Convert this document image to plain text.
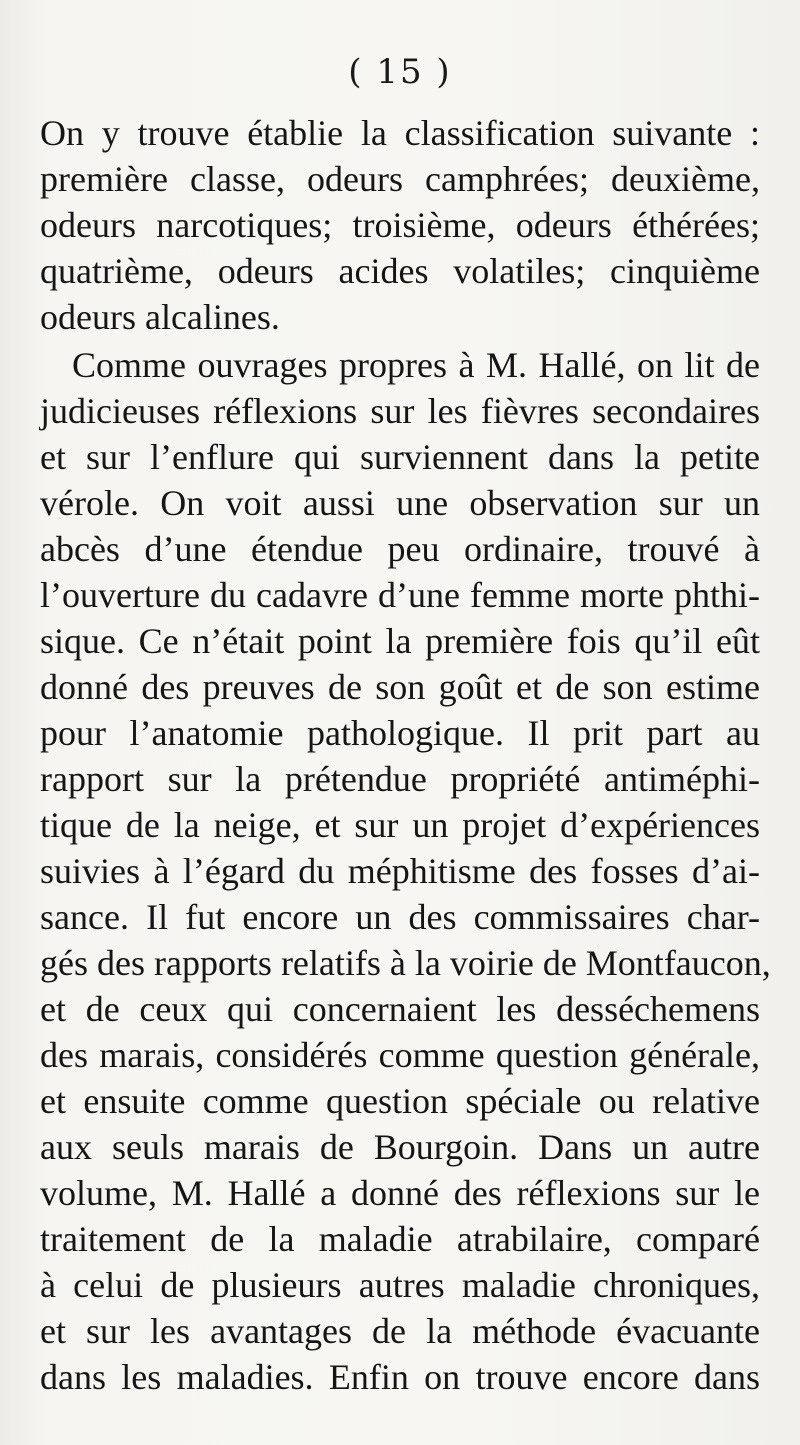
( 15 )
On y trouve établie la classification suivante :
première classe, odeurs camphrées; deuxième,
odeurs narcotiques; troisième, odeurs éthérées;
quatrième, odeurs acides volatiles; cinquième
odeurs alcalines.
Comme ouvrages propres à M. Hallé, on lit de
judicieuses réflexions sur les fièvres secondaires
et sur l’enflure qui surviennent dans la petite
vérole. On voit aussi une observation sur un
abcès d’une étendue peu ordinaire, trouvé à
l’ouverture du cadavre d’une femme morte phthi-
sique. Ce n’était point la première fois qu’il eût
donné des preuves de son goût et de son estime
pour l’anatomie pathologique. Il prit part au
rapport sur la prétendue propriété antiméphi-
tique de la neige, et sur un projet d’expériences
suivies à l’égard du méphitisme des fosses d’ai-
sance. Il fut encore un des commissaires char-
gés des rapports relatifs à la voirie de Montfaucon,
et de ceux qui concernaient les desséchemens
des marais, considérés comme question générale,
et ensuite comme question spéciale ou relative
aux seuls marais de Bourgoin. Dans un autre
volume, M. Hallé a donné des réflexions sur le
traitement de la maladie atrabilaire, comparé
à celui de plusieurs autres maladie chroniques,
et sur les avantages de la méthode évacuante
dans les maladies. Enfin on trouve encore dans
